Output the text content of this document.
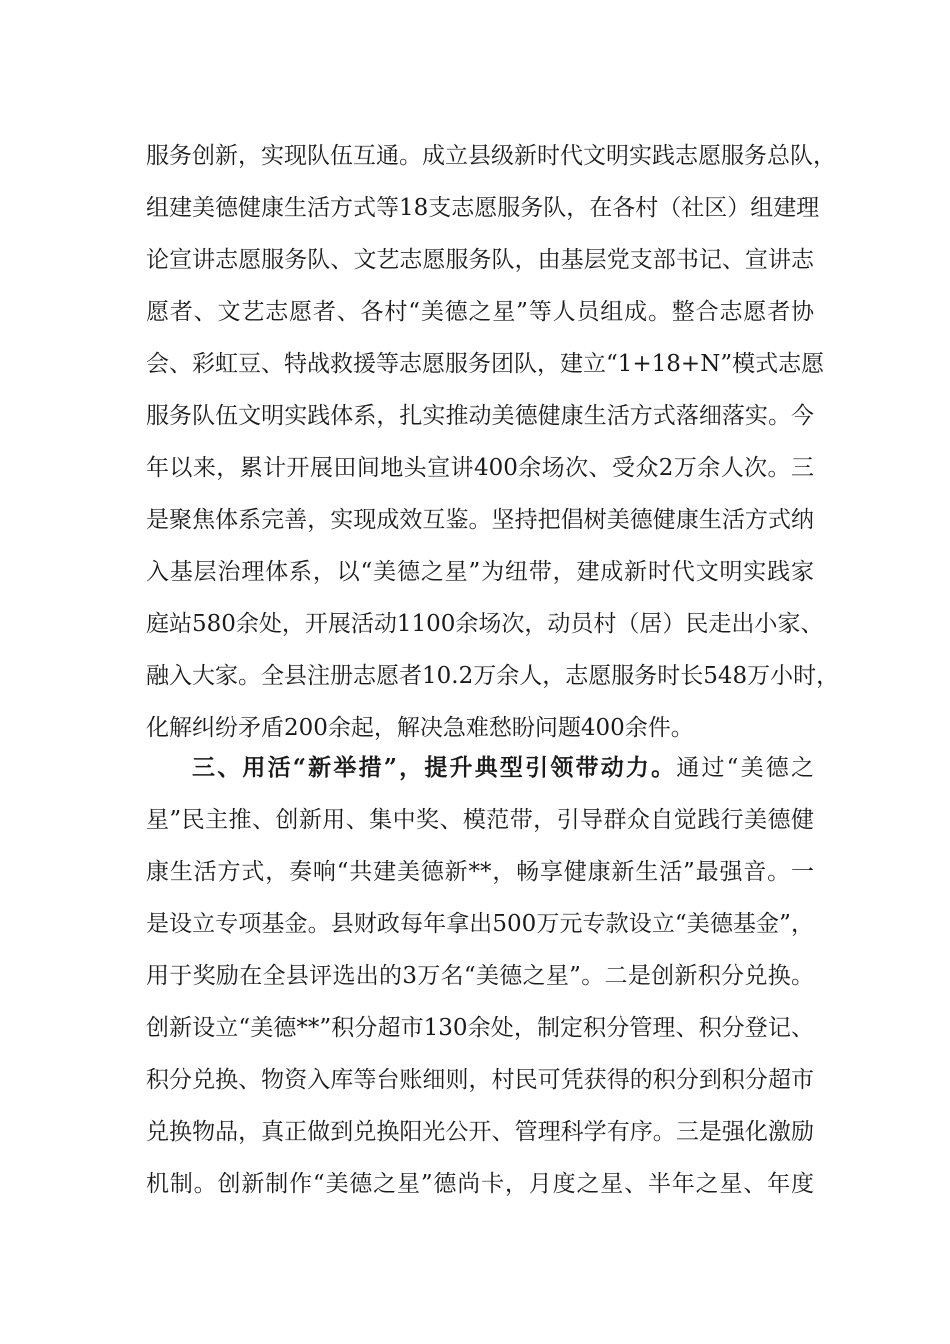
服务创新，实现队伍互通。成立县级新时代文明实践志愿服务总队，
组建美德健康生活方式等18支志愿服务队，在各村（社区）组建理
论宣讲志愿服务队、文艺志愿服务队，由基层党支部书记、宣讲志
愿者、文艺志愿者、各村“美德之星”等人员组成。整合志愿者协
会、彩虹豆、特战救援等志愿服务团队，建立“1+18+N”模式志愿
服务队伍文明实践体系，扎实推动美德健康生活方式落细落实。今
年以来，累计开展田间地头宣讲400余场次、受众2万余人次。三
是聚焦体系完善，实现成效互鉴。坚持把倡树美德健康生活方式纳
入基层治理体系，以“美德之星”为纽带，建成新时代文明实践家
庭站580余处，开展活动1100余场次，动员村（居）民走出小家、
融入大家。全县注册志愿者10.2万余人，志愿服务时长548万小时，
化解纠纷矛盾200余起，解决急难愁盼问题400余件。
三、用活“新举措”，提升典型引领带动力。通过“美德之
星”民主推、创新用、集中奖、模范带，引导群众自觉践行美德健
康生活方式，奏响“共建美德新**，畅享健康新生活”最强音。一
是设立专项基金。县财政每年拿出500万元专款设立“美德基金”，
用于奖励在全县评选出的3万名“美德之星”。二是创新积分兑换。
创新设立“美德**”积分超市130余处，制定积分管理、积分登记、
积分兑换、物资入库等台账细则，村民可凭获得的积分到积分超市
兑换物品，真正做到兑换阳光公开、管理科学有序。三是强化激励
机制。创新制作“美德之星”德尚卡，月度之星、半年之星、年度
